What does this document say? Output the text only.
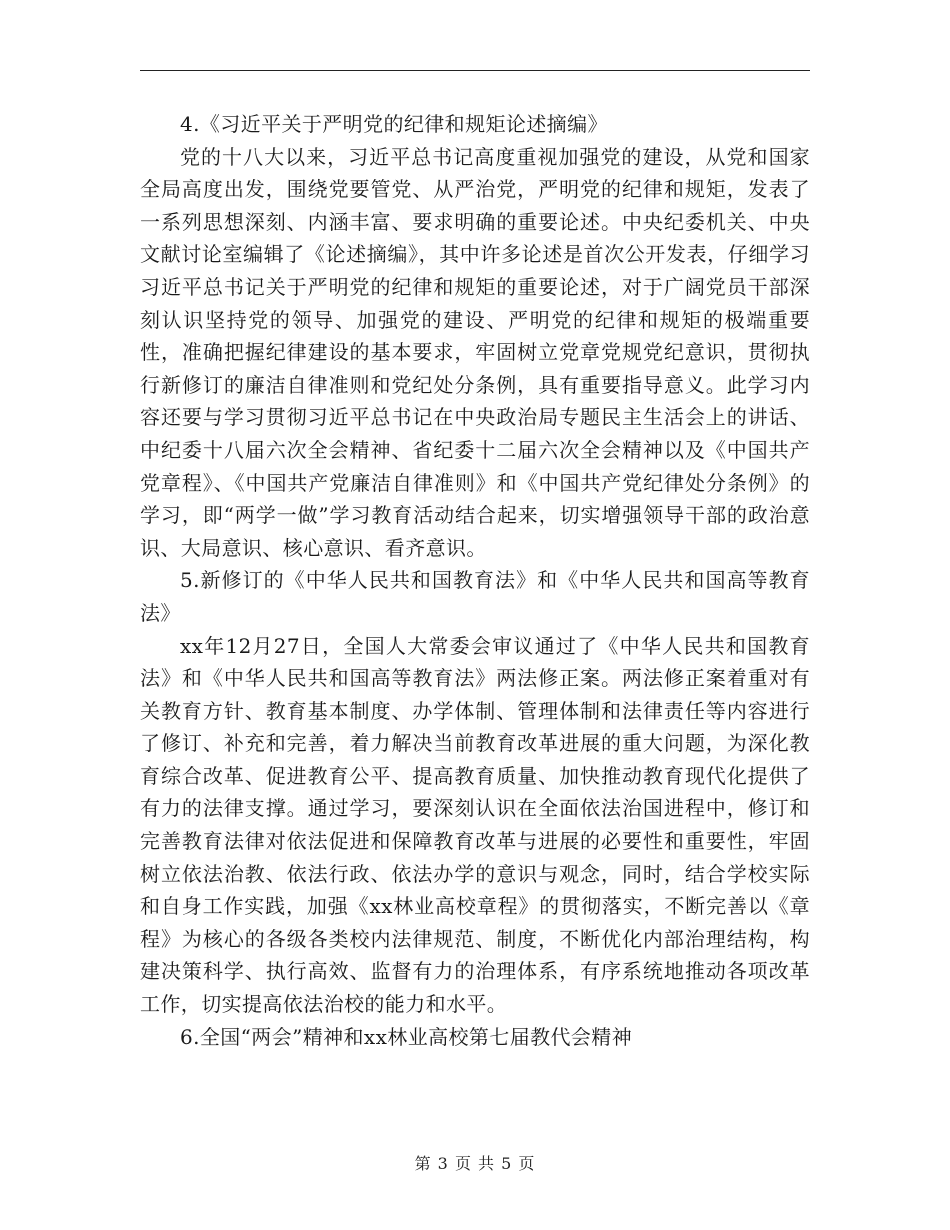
4.《习近平关于严明党的纪律和规矩论述摘编》

党的十八大以来，习近平总书记高度重视加强党的建设，从党和国家全局高度出发，围绕党要管党、从严治党，严明党的纪律和规矩，发表了一系列思想深刻、内涵丰富、要求明确的重要论述。中央纪委机关、中央文献讨论室编辑了《论述摘编》，其中许多论述是首次公开发表，仔细学习习近平总书记关于严明党的纪律和规矩的重要论述，对于广阔党员干部深刻认识坚持党的领导、加强党的建设、严明党的纪律和规矩的极端重要性，准确把握纪律建设的基本要求，牢固树立党章党规党纪意识，贯彻执行新修订的廉洁自律准则和党纪处分条例，具有重要指导意义。此学习内容还要与学习贯彻习近平总书记在中央政治局专题民主生活会上的讲话、中纪委十八届六次全会精神、省纪委十二届六次全会精神以及《中国共产党章程》、《中国共产党廉洁自律准则》和《中国共产党纪律处分条例》的学习，即“两学一做”学习教育活动结合起来，切实增强领导干部的政治意识、大局意识、核心意识、看齐意识。

5.新修订的《中华人民共和国教育法》和《中华人民共和国高等教育法》

xx年12月27日，全国人大常委会审议通过了《中华人民共和国教育法》和《中华人民共和国高等教育法》两法修正案。两法修正案着重对有关教育方针、教育基本制度、办学体制、管理体制和法律责任等内容进行了修订、补充和完善，着力解决当前教育改革进展的重大问题，为深化教育综合改革、促进教育公平、提高教育质量、加快推动教育现代化提供了有力的法律支撑。通过学习，要深刻认识在全面依法治国进程中，修订和完善教育法律对依法促进和保障教育改革与进展的必要性和重要性，牢固树立依法治教、依法行政、依法办学的意识与观念，同时，结合学校实际和自身工作实践，加强《xx林业高校章程》的贯彻落实，不断完善以《章程》为核心的各级各类校内法律规范、制度，不断优化内部治理结构，构建决策科学、执行高效、监督有力的治理体系，有序系统地推动各项改革工作，切实提高依法治校的能力和水平。

6.全国“两会”精神和xx林业高校第七届教代会精神

第 3 页 共 5 页
